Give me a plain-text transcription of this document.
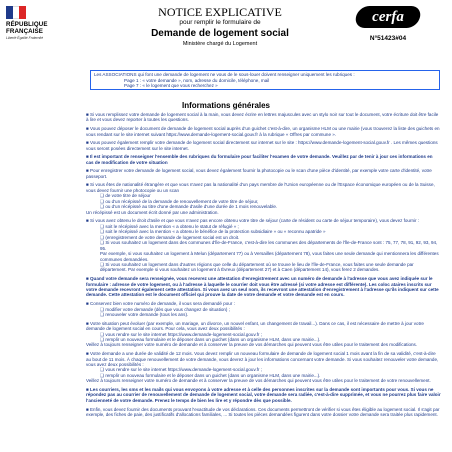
RÉPUBLIQUE
FRANÇAISE
Liberté Égalité Fraternité
NOTICE EXPLICATIVE
pour remplir le formulaire de
Demande de logement social
Ministère chargé du Logement
cerfa
N°51423#04
Les ASSOCIATIONS qui font une demande de logement ne vous de le sous-louer doivent renseigner uniquement les rubriques :
Page 1 : « votre demande », nom, adresse du domicile, téléphone, mail
Page 7 : « le logement que vous recherchez »
Informations générales
■ Si vous remplissez votre demande de logement social à la main, vous devez écrire en lettres majuscules avec un stylo noir sur tout le document, votre écriture doit être facile à lire et vous devez reporter à toutes les questions.
■ Vous pouvez déposer le document de demande de logement social auprès d'un guichet c'est-à-dire, un organisme HLM ou une mairie (vous trouverez la liste des guichets en vous rendant sur le site internet suivant https://www.demande-logement-social.gouv.fr à la rubrique « Offres par commune ».
■ Vous pouvez également remplir votre demande de logement social directement sur internet sur le site : https://www.demande-logement-social.gouv.fr . Les mêmes questions vous seront posées directement sur le site internet.
■ Il est important de renseigner l'ensemble des rubriques du formulaire pour faciliter l'examen de votre demande. Veuillez par de tenir à jour ces informations en cas de modification de votre situation
■ Pour enregistrer votre demande de logement social, vous devez également fournir la photocopie ou le scan d'une pièce d'identité, par exemple votre carte d'identité, votre passeport.
■ Si vous êtes de nationalité étrangère et que vous n'avez pas la nationalité d'un pays membre de l'Union européenne ou de l'Espace économique européen ou de la Suisse, vous devez fournir une photocopie ou un scan
❑ de votre titre de séjour
❑ ou d'un récépissé de la demande de renouvellement de votre titre de séjour,
❑ ou d'un récépissé au titre d'une demande d'asile d'une durée de 1 mois renouvelable.
Un récépissé est un document écrit donné par une administration.
■ Si vous avez obtenu le droit d'asile et que vous n'avez pas encore obtenu votre titre de séjour (carte de résident ou carte de séjour temporaire), vous devez fournir :
❑ soit le récépissé avec la mention « a obtenu le statut de réfugié » ;
❑ soit le récépissé avec la mention « a obtenu le bénéfice de la protection subsidiaire » ou « reconnu apatride »
❑ (enregistrement de votre demande de logement social est un droit.
❑ Si vous souhaitez un logement dans des communes d'Île-de-France, c'est-à-dire les communes des départements de l'Île-de-France sont : 75, 77, 78, 91, 92, 93, 94, 95.
Par exemple, si vous souhaitez un logement à Melun (département 77) ou à Versailles (département 78), vous faites une seule demande qui mentionnera les différentes communes demandées.
❑ Si vous souhaitez un logement dans d'autres régions que celle du département où se trouve le lieu de l'Île-de-France, vous faites une seule demande par département. Par exemple si vous souhaitez un logement à Évreux (département 27) et à Caen (département 14), vous ferez 2 demandes.
■ Quand votre demande sera renseignée, vous recevrez une attestation d'enregistrement avec un numéro de demande à l'adresse que vous avez indiquée sur le formulaire : adresse de votre logement, ou à l'adresse à laquelle le courrier doit vous être adressé (si votre adresse est différente). Les coloc ataires inscrits sur votre demande recevront également cette attestation. Si vous avez un seul nom, ils recevront une attestation d'enregistrement à l'adresse qu'ils indiquent sur cette demande. Cette attestation est le document officiel qui prouve la date de votre demande et votre demande est en cours.
■ Conservez bien votre numéro de demande, il vous sera demandé pour :
❑ modifier votre demande (dès que vous changez de situation) ;
❑ renouveler votre demande (tous les ans).
■ Votre situation peut évoluer (par exemple, un mariage, un divorce, un nouvel enfant, un changement de travail...). Dans ce cas, il est nécessaire de mettre à jour votre demande de logement social en cours. Pour cela, vous avez deux possibilités :
❑ vous rendre sur le site internet https://www.demande-logement-social.gouv.fr ;
❑ remplir un nouveau formulaire et le déposer dans un guichet (dans un organisme HLM, dans une mairie...).
Veillez à toujours renseigner votre numéro de demande et à conserver la preuve de vos démarches qui peuvent vous être utiles pour le traitement des modifications.
■ Votre demande a une durée de validité de 12 mois. Vous devez remplir un nouveau formulaire de demande de logement social 1 mois avant la fin de sa validité, c'est-à-dire au bout de 11 mois. À chaque renouvellement de votre demande, vous devrez à jour les informations concernant votre demande. Si vous souhaitez renouveler votre demande, vous avez deux possibilités :
❑ vous rendre sur le site internet https://www.demande-logement-social.gouv.fr ;
❑ remplir un nouveau formulaire et le déposer dans un guichet (dans un organisme HLM, dans une mairie...).
Veillez à toujours renseigner votre numéro de demande et à conserver la preuve de vos démarches qui peuvent vous être utiles pour le traitement de votre renouvellement.
■ Les courriers, les sms et les mails qui vous envoyons à votre adresse et à celle des personnes inscrites sur la demande sont importants pour vous. Si vous ne répondez pas au courrier de renouvellement de demande de logement social, votre demande sera radiée, c'est-à-dire supprimée, et vous ne pourrez plus faire valoir l'ancienneté de votre demande. Prenez le temps de bien les lire et y répondre dès que possible.
■ Enfin, vous devez fournir des documents prouvant l'exactitude de vos déclarations. Ces documents permettront de vérifier si vous êtes éligible au logement social. Il s'agit par exemple, des fiches de paie, des justificatifs d'allocations familiales, ... Si toutes les pièces demandées figurent dans votre dossier votre demande sera traitée plus rapidement.
